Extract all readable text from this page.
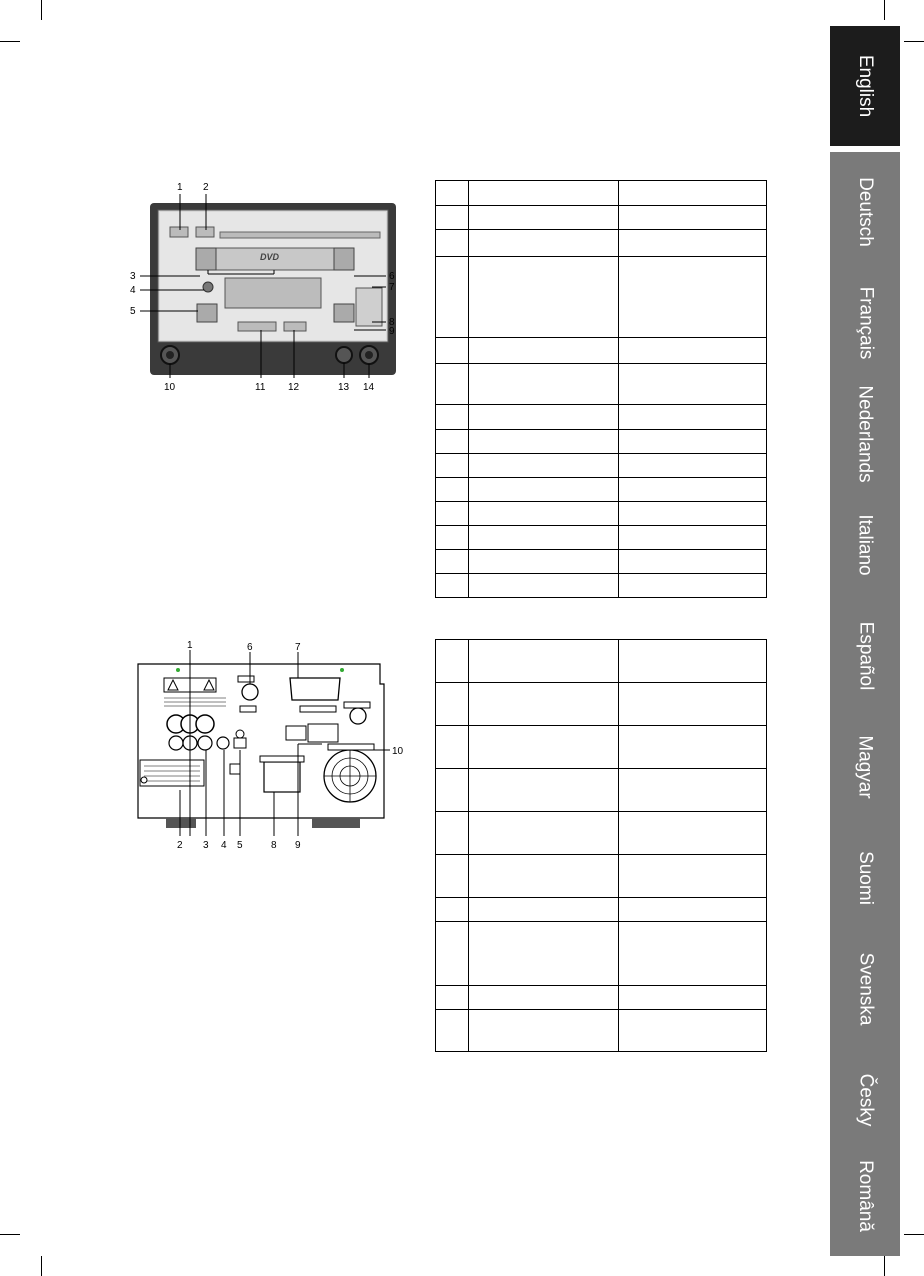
English
Deutsch
Français
Nederlands
Italiano
Español
Magyar
Suomi
Svenska
Česky
Română
DVD
1 2
3
4
5
6
7
8
9
10	11 12	13 14

1
2 3 4 5
6	7
8 9
10
